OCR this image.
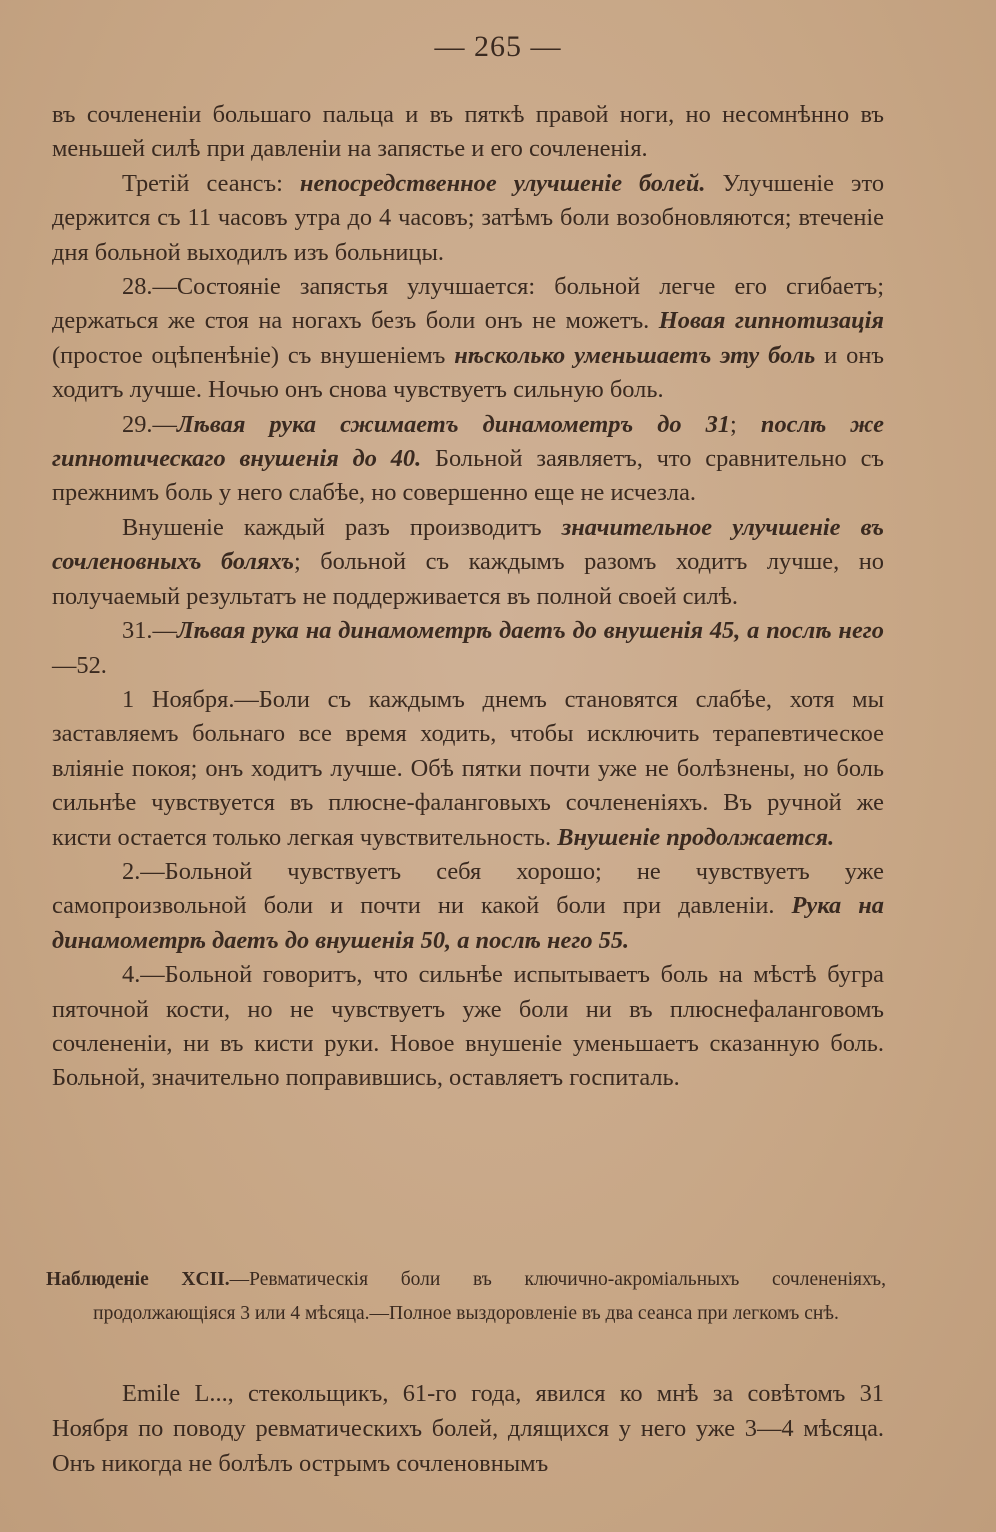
— 265 —

въ сочлененіи большаго пальца и въ пяткѣ правой ноги, но несомнѣнно въ меньшей силѣ при давленіи на запястье и его сочлененія.

Третій сеансъ: непосредственное улучшеніе болей. Улучшеніе это держится съ 11 часовъ утра до 4 часовъ; затѣмъ боли возобновляются; втеченіе дня больной выходилъ изъ больницы.

28.—Состояніе запястья улучшается: больной легче его сгибаетъ; держаться же стоя на ногахъ безъ боли онъ не можетъ. Новая гипнотизація (простое оцѣпенѣніе) съ внушеніемъ нѣсколько уменьшаетъ эту боль и онъ ходитъ лучше. Ночью онъ снова чувствуетъ сильную боль.

29.—Лѣвая рука сжимаетъ динамометръ до 31; послѣ же гипнотическаго внушенія до 40. Больной заявляетъ, что сравнительно съ прежнимъ боль у него слабѣе, но совершенно еще не исчезла.

Внушеніе каждый разъ производитъ значительное улучшеніе въ сочленовныхъ боляхъ; больной съ каждымъ разомъ ходитъ лучше, но получаемый результатъ не поддерживается въ полной своей силѣ.

31.—Лѣвая рука на динамометрѣ даетъ до внушенія 45, а послѣ него—52.

1 Ноября.—Боли съ каждымъ днемъ становятся слабѣе, хотя мы заставляемъ больнаго все время ходить, чтобы исключить терапевтическое вліяніе покоя; онъ ходитъ лучше. Обѣ пятки почти уже не болѣзнены, но боль сильнѣе чувствуется въ плюсне-фаланговыхъ сочлененіяхъ. Въ ручной же кисти остается только легкая чувствительность. Внушеніе продолжается.

2.—Больной чувствуетъ себя хорошо; не чувствуетъ уже самопроизвольной боли и почти ни какой боли при давленіи. Рука на динамометрѣ даетъ до внушенія 50, а послѣ него 55.

4.—Больной говоритъ, что сильнѣе испытываетъ боль на мѣстѣ бугра пяточной кости, но не чувствуетъ уже боли ни въ плюснефаланговомъ сочлененіи, ни въ кисти руки. Новое внушеніе уменьшаетъ сказанную боль. Больной, значительно поправившись, оставляетъ госпиталь.

Наблюденіе XCII.—Ревматическія боли въ ключично-акроміальныхъ сочлененіяхъ, продолжающіяся 3 или 4 мѣсяца.—Полное выздоровленіе въ два сеанса при легкомъ снѣ.

Emile L..., стекольщикъ, 61-го года, явился ко мнѣ за совѣтомъ 31 Ноября по поводу ревматическихъ болей, длящихся у него уже 3—4 мѣсяца. Онъ никогда не болѣлъ острымъ сочленовнымъ
